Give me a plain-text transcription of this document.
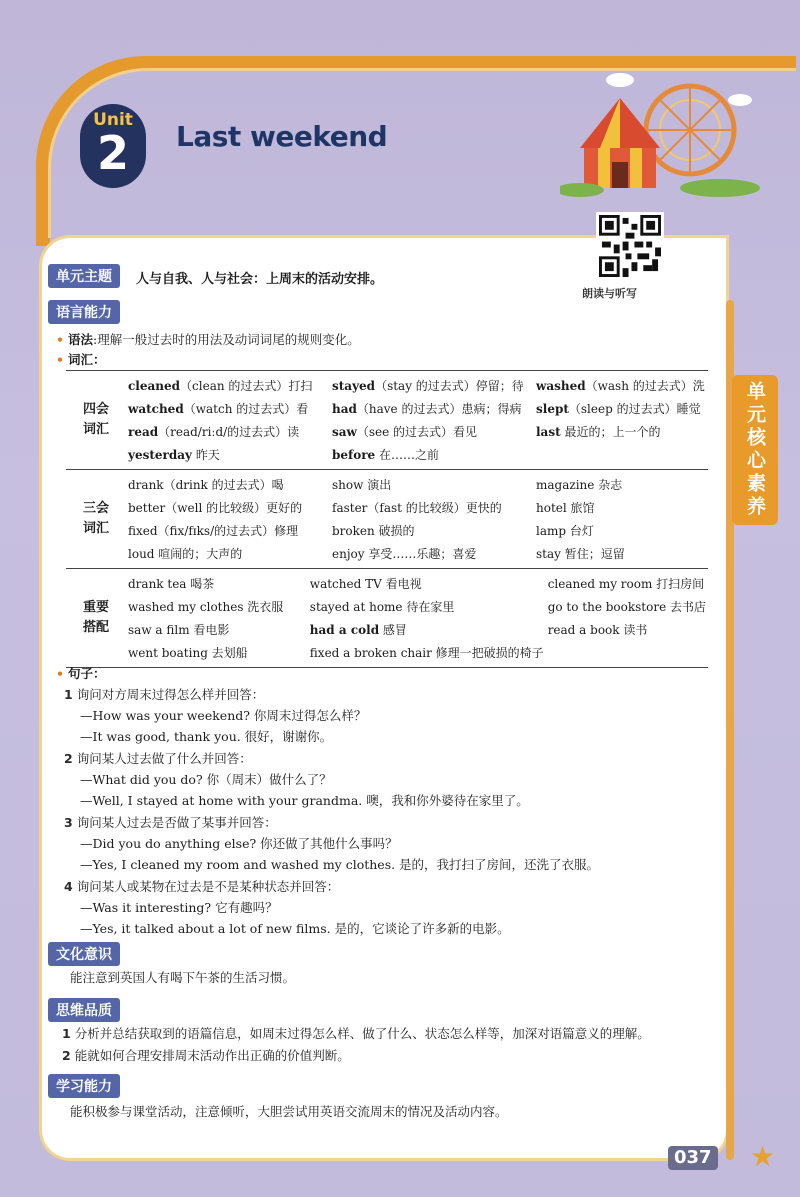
Unit
2	Last weekend
单元核心素养
朗读与听写
单元主题	人与自我、人与社会：上周末的活动安排。
语言能力
• 语法:理解一般过去时的用法及动词词尾的规则变化。
• 词汇：
四会
词汇

cleaned（clean 的过去式）打扫	stayed（stay 的过去式）停留；待	washed（wash 的过去式）洗
watched（watch 的过去式）看	had（have 的过去式）患病；得病	slept（sleep 的过去式）睡觉
read（read/riːd/的过去式）读	saw（see 的过去式）看见	last 最近的；上一个的
yesterday 昨天	before 在……之前	

三会
词汇

drank（drink 的过去式）喝	show 演出	magazine 杂志
better（well 的比较级）更好的	faster（fast 的比较级）更快的	hotel 旅馆
fixed（fix/fɪks/的过去式）修理	broken 破损的	lamp 台灯
loud 喧闹的；大声的	enjoy 享受……乐趣；喜爱	stay 暂住；逗留

重要
搭配

drank tea 喝茶	watched TV 看电视	cleaned my room 打扫房间
washed my clothes 洗衣服	stayed at home 待在家里	go to the bookstore 去书店
saw a film 看电影	had a cold 感冒	read a book 读书
went boating 去划船	fixed a broken chair 修理一把破损的椅子	
• 句子：
1 询问对方周末过得怎么样并回答：
—How was your weekend? 你周末过得怎么样？
—It was good, thank you. 很好，谢谢你。
2 询问某人过去做了什么并回答：
—What did you do? 你（周末）做什么了？
—Well, I stayed at home with your grandma. 噢，我和你外婆待在家里了。
3 询问某人过去是否做了某事并回答：
—Did you do anything else? 你还做了其他什么事吗？
—Yes, I cleaned my room and washed my clothes. 是的，我打扫了房间，还洗了衣服。
4 询问某人或某物在过去是不是某种状态并回答：
—Was it interesting? 它有趣吗？
—Yes, it talked about a lot of new films. 是的，它谈论了许多新的电影。
文化意识
能注意到英国人有喝下午茶的生活习惯。
思维品质
1 分析并总结获取到的语篇信息，如周末过得怎么样、做了什么、状态怎么样等，加深对语篇意义的理解。
2 能就如何合理安排周末活动作出正确的价值判断。
学习能力
能积极参与课堂活动，注意倾听，大胆尝试用英语交流周末的情况及活动内容。
037 ★
